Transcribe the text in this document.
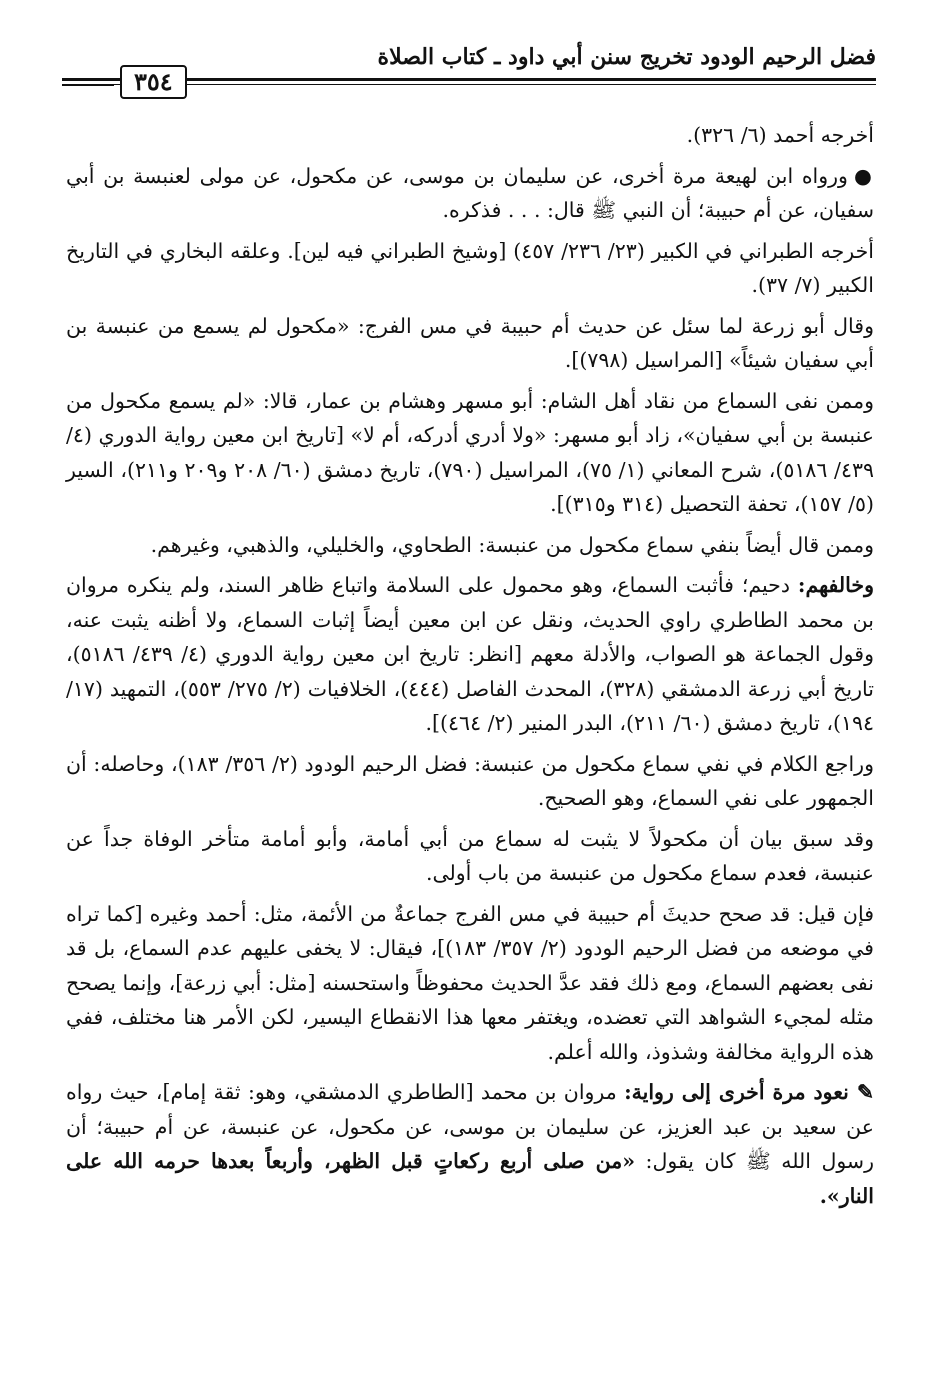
فضل الرحيم الودود تخريج سنن أبي داود ـ كتاب الصلاة
٣٥٤

أخرجه أحمد (٦/ ٣٢٦).

●ورواه ابن لهيعة مرة أخرى، عن سليمان بن موسى، عن مكحول، عن مولى لعنبسة بن أبي سفيان، عن أم حبيبة؛ أن النبي ﷺ قال: . . . فذكره.

أخرجه الطبراني في الكبير (٢٣/ ٢٣٦/ ٤٥٧) [وشيخ الطبراني فيه لين]. وعلقه البخاري في التاريخ الكبير (٧/ ٣٧).

وقال أبو زرعة لما سئل عن حديث أم حبيبة في مس الفرج: «مكحول لم يسمع من عنبسة بن أبي سفيان شيئاً» [المراسيل (٧٩٨)].

وممن نفى السماع من نقاد أهل الشام: أبو مسهر وهشام بن عمار، قالا: «لم يسمع مكحول من عنبسة بن أبي سفيان»، زاد أبو مسهر: «ولا أدري أدركه، أم لا» [تاريخ ابن معين رواية الدوري (٤/ ٤٣٩/ ٥١٨٦)، شرح المعاني (١/ ٧٥)، المراسيل (٧٩٠)، تاريخ دمشق (٦٠/ ٢٠٨ و٢٠٩ و٢١١)، السير (٥/ ١٥٧)، تحفة التحصيل (٣١٤ و٣١٥)].

وممن قال أيضاً بنفي سماع مكحول من عنبسة: الطحاوي، والخليلي، والذهبي، وغيرهم.

وخالفهم: دحيم؛ فأثبت السماع، وهو محمول على السلامة واتباع ظاهر السند، ولم ينكره مروان بن محمد الطاطري راوي الحديث، ونقل عن ابن معين أيضاً إثبات السماع، ولا أظنه يثبت عنه، وقول الجماعة هو الصواب، والأدلة معهم [انظر: تاريخ ابن معين رواية الدوري (٤/ ٤٣٩/ ٥١٨٦)، تاريخ أبي زرعة الدمشقي (٣٢٨)، المحدث الفاصل (٤٤٤)، الخلافيات (٢/ ٢٧٥/ ٥٥٣)، التمهيد (١٧/ ١٩٤)، تاريخ دمشق (٦٠/ ٢١١)، البدر المنير (٢/ ٤٦٤)].

وراجع الكلام في نفي سماع مكحول من عنبسة: فضل الرحيم الودود (٢/ ٣٥٦/ ١٨٣)، وحاصله: أن الجمهور على نفي السماع، وهو الصحيح.

وقد سبق بيان أن مكحولاً لا يثبت له سماع من أبي أمامة، وأبو أمامة متأخر الوفاة جداً عن عنبسة، فعدم سماع مكحول من عنبسة من باب أولى.

فإن قيل: قد صحح حديثَ أم حبيبة في مس الفرج جماعةٌ من الأئمة، مثل: أحمد وغيره [كما تراه في موضعه من فضل الرحيم الودود (٢/ ٣٥٧/ ١٨٣)]، فيقال: لا يخفى عليهم عدم السماع، بل قد نفى بعضهم السماع، ومع ذلك فقد عدَّ الحديث محفوظاً واستحسنه [مثل: أبي زرعة]، وإنما يصحح مثله لمجيء الشواهد التي تعضده، ويغتفر معها هذا الانقطاع اليسير، لكن الأمر هنا مختلف، ففي هذه الرواية مخالفة وشذوذ، والله أعلم.

✎ نعود مرة أخرى إلى رواية: مروان بن محمد [الطاطري الدمشقي، وهو: ثقة إمام]، حيث رواه عن سعيد بن عبد العزيز، عن سليمان بن موسى، عن مكحول، عن عنبسة، عن أم حبيبة؛ أن رسول الله ﷺ كان يقول: «من صلى أربع ركعاتٍ قبل الظهر، وأربعاً بعدها حرمه الله على النار».
